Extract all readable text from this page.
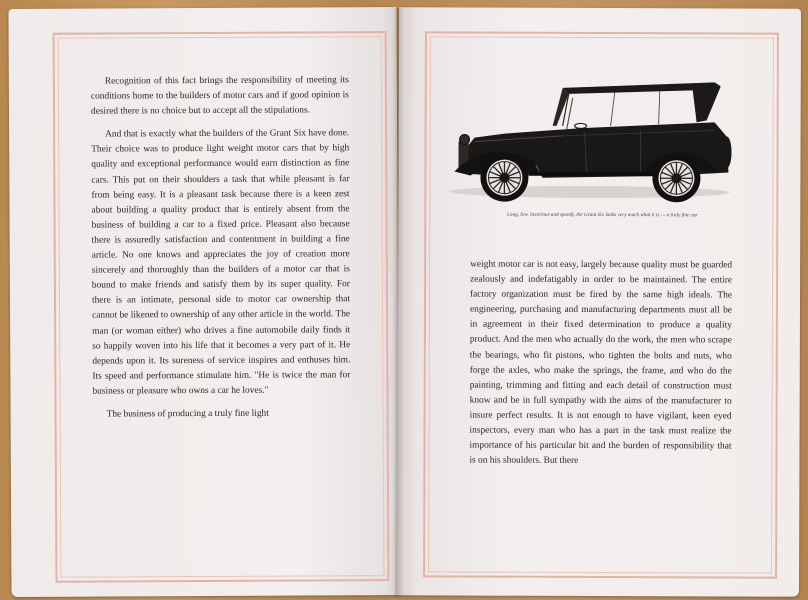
Recognition of this fact brings the responsibility of meeting its conditions home to the builders of motor cars and if good opinion is desired there is no choice but to accept all the stipulations.

And that is exactly what the builders of the Grant Six have done. Their choice was to produce light weight motor cars that by high quality and exceptional performance would earn distinction as fine cars. This put on their shoulders a task that while pleasant is far from being easy. It is a pleasant task because there is a keen zest about building a quality product that is entirely absent from the business of building a car to a fixed price. Pleasant also because there is assuredly satisfaction and contentment in building a fine article. No one knows and appreciates the joy of creation more sincerely and thoroughly than the builders of a motor car that is bound to make friends and satisfy them by its super quality. For there is an intimate, personal side to motor car ownership that cannot be likened to ownership of any other article in the world. The man (or woman either) who drives a fine automobile daily finds it so happily woven into his life that it becomes a very part of it. He depends upon it. Its sureness of service inspires and enthuses him. Its speed and performance stimulate him. "He is twice the man for business or pleasure who owns a car he loves."

The business of producing a truly fine light

Long, low, luxurious and speedy, the Grant Six looks very much what it is — a truly fine car

weight motor car is not easy, largely because quality must be guarded zealously and indefatigably in order to be maintained. The entire factory organization must be fired by the same high ideals. The engineering, purchasing and manufacturing departments must all be in agreement in their fixed determination to produce a quality product. And the men who actually do the work, the men who scrape the bearings, who fit pistons, who tighten the bolts and nuts, who forge the axles, who make the springs, the frame, and who do the painting, trimming and fitting and each detail of construction must know and be in full sympathy with the aims of the manufacturer to insure perfect results. It is not enough to have vigilant, keen eyed inspectors, every man who has a part in the task must realize the importance of his particular bit and the burden of responsibility that is on his shoulders. But there
